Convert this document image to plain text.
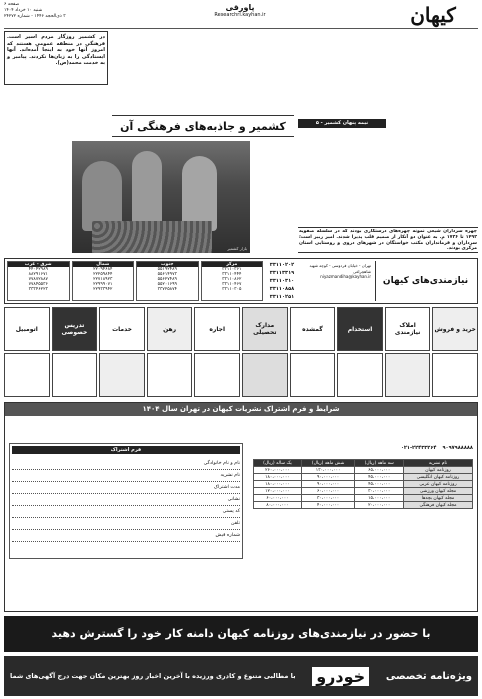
کیهان
پاورقی
Researchrl.kayhan.ir
صفحه ۶
شنبه ۱۰ خرداد ۱۴۰۴
۳ ذی‌الحجه ۱۴۴۶ - شماره ۲۴۲۷۲
در کشمیر روزگار مردم اسیر است. فرهنگی در منطقه عمومی هستند که امروز آنها خود به اینجا آمده‌اند. آنها ایستادگی را به زبان‌ها نکردند. پیامبر و به خدمت محمد(ص).
کشمیر و جاذبه‌های فرهنگی آن	نیمه پنهان کشمیر - ۵
بازار کشمیر
چهره سرداران شیعی نمونه چهره‌های درستکاری بودند که در سلسله صفویه ۱۴۹۲ تا ۱۷۳۶ م. به عنوان دو آنکار از صمیم قلب پذیرا شدند. امیر زبیر است؛ سرداران و فرمانداران مکتب خواستگان در شهرهای دروی و روستایی استان مرکزی بودند.
نیازمندی‌های کیهان
تهران - خیابان فردوسی - کوچه شهید شاهچراغی
niyazmandiha@kayhan.ir
۳۳۱۱۰۲۰۲
۳۳۱۱۳۳۱۹
۳۳۱۱۰۳۱۰
۳۳۱۱۰۸۵۸
۳۳۱۱۰۲۵۱
مرکز
۳۳۱۱۰۳۶۱
۳۳۱۱۰۴۴۴
۳۳۱۱۰۸۶۲
۳۳۱۱۰۴۶۷
۳۳۱۱۰۳۰۵
جنوب
۵۵۱۹۲۴۸۹
۵۵۶۱۴۹۷۳
۵۵۶۲۷۴۸۹
۵۵۲۰۱۶۹۹
۳۳۷۲۵۸۷۴
شمال
۲۲۰۹۴۶۸۴
۲۲۲۵۹۸۴۴
۲۲۷۱۸۹۲۳
۲۲۹۹۹۰۷۱
۲۲۹۳۳۹۴۲
شرق - غرب
۴۴۰۴۲۹۸۹
۸۸۲۹۱۶۷۱
۷۷۸۷۲۸۸۷
۷۷۸۴۵۵۳۶
۳۳۳۴۶۲۲۳
خرید و فروش
املاک نیازمندی
استخدام
گمشده
مدارک تحصیلی
اجاره
رهن
خدمات
تدریس خصوصی
اتومبیل
شرایط و فرم اشتراک نشریات کیهان در تهران سال ۱۴۰۴
۹۰۹۷۹۸۸۸۸۸
۰۲۱-۲۲۴۳۳۲۶۴
نام نشریه	سه ماهه (ریال)	شش ماهه (ریال)	یک ساله (ریال)
روزنامه کیهان	۶۵،۰۰۰،۰۰۰	۱۳۰،۰۰۰،۰۰۰	۲۶۰،۰۰۰،۰۰۰
روزنامه کیهان انگلیسی	۴۵،۰۰۰،۰۰۰	۹۰،۰۰۰،۰۰۰	۱۸۰،۰۰۰،۰۰۰
روزنامه کیهان عربی	۴۵،۰۰۰،۰۰۰	۹۰،۰۰۰،۰۰۰	۱۸۰،۰۰۰،۰۰۰
مجله کیهان ورزشی	۳۰،۰۰۰،۰۰۰	۶۰،۰۰۰،۰۰۰	۱۲۰،۰۰۰،۰۰۰
مجله کیهان بچه‌ها	۱۵،۰۰۰،۰۰۰	۳۰،۰۰۰،۰۰۰	۶۰،۰۰۰،۰۰۰
مجله کیهان فرهنگی	۲۰،۰۰۰،۰۰۰	۴۰،۰۰۰،۰۰۰	۸۰،۰۰۰،۰۰۰
فرم اشتراک
نام و نام خانوادگی
نام نشریه
مدت اشتراک
نشانی
کد پستی
تلفن
شماره فیش
با حضور در نیازمندی‌های روزنامه کیهان دامنه کار خود را گسترش دهید
ویژه‌نامه تخصصی
خودرو
با مطالبی متنوع و کادری ورزیده با آخرین اخبار روز بهترین مکان جهت درج آگهی‌های شما
